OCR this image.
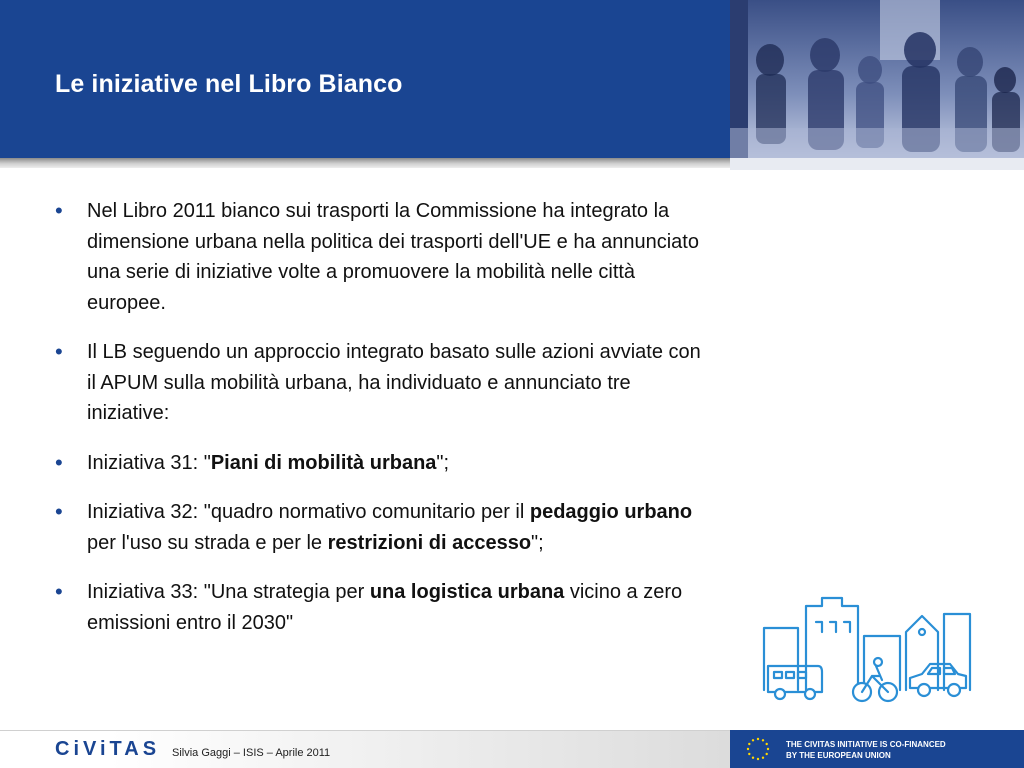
Le iniziative nel Libro Bianco
• Nel Libro 2011 bianco sui trasporti la Commissione ha integrato la dimensione urbana nella politica dei trasporti dell'UE e ha annunciato una serie di iniziative volte a promuovere la mobilità nelle città europee.
• Il LB seguendo un approccio integrato basato sulle azioni avviate con il APUM sulla mobilità urbana, ha individuato e annunciato tre iniziative:
• Iniziativa 31: "Piani di mobilità urbana";
• Iniziativa 32: "quadro normativo comunitario per il pedaggio urbano per l'uso su strada e per le restrizioni di accesso";
• Iniziativa 33: "Una strategia per una logistica urbana vicino a zero emissioni entro il 2030"
CiViTAS Silvia Gaggi – ISIS – Aprile 2011
THE CIVITAS INITIATIVE IS CO-FINANCED
BY THE EUROPEAN UNION
